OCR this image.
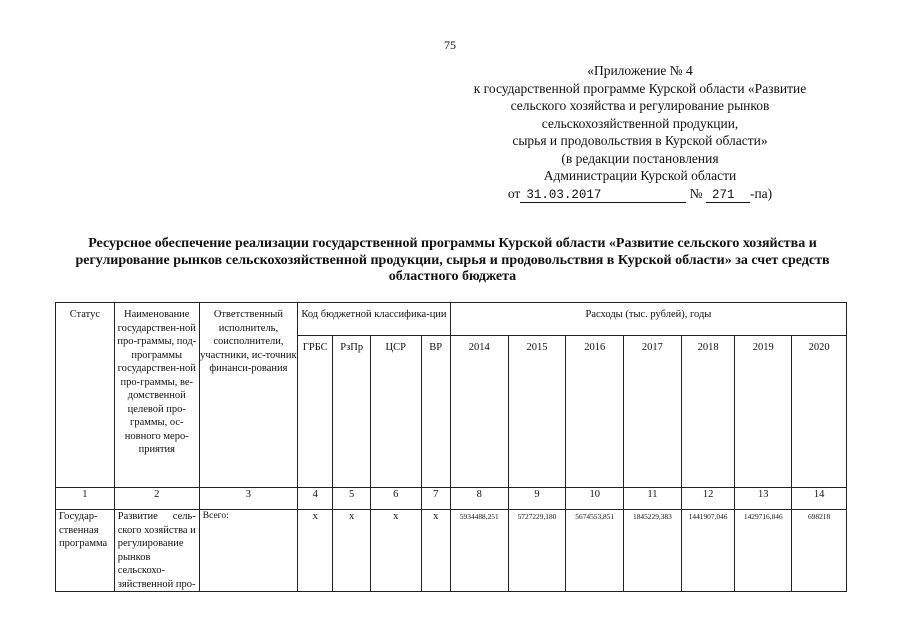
75
«Приложение № 4
к государственной программе Курской области «Развитие
сельского хозяйства и регулирование рынков
сельскохозяйственной продукции,
сырья и продовольствия в Курской области»
(в редакции постановления
Администрации Курской области
от 31.03.2017	№ 271 -па)
Ресурсное обеспечение реализации государственной программы Курской области «Развитие сельского хозяйства и регулирование рынков сельскохозяйственной продукции, сырья и продовольствия в Курской области» за счет средств областного бюджета
Статус	Наименование государствен-ной про-граммы, под-программы государствен-ной про-граммы, ве-домственной целевой про-граммы, ос-новного меро-приятия	Ответственный исполнитель, соисполнители, участники, ис-точник финанси-рования	Код бюджетной классифика-ции				Расходы (тыс. рублей), годы						
			ГРБС	РзПр	ЦСР	ВР	2014	2015	2016	2017	2018	2019	2020
1	2	3	4	5	6	7	8	9	10	11	12	13	14
Государ-ственная программа	Развитие сель-ского хозяйства и регулирование рынков сельскохо-зяйственной про-	Всего:	x	x	x	x	5934488,251	5727229,180	5674553,851	1845229,383	1441907,046	1429716,846	698218
